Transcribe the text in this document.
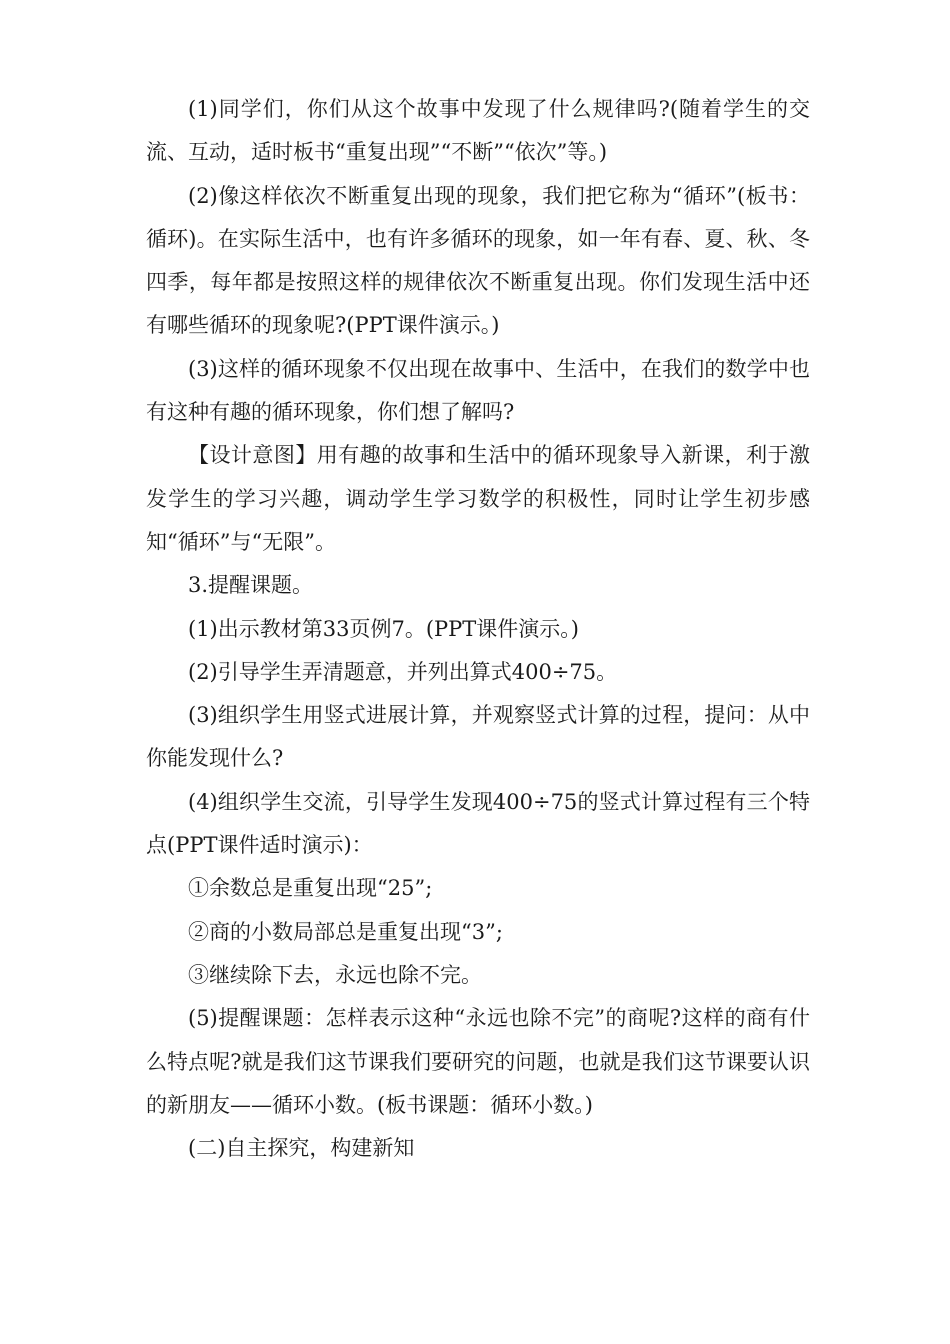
(1)同学们，你们从这个故事中发现了什么规律吗?(随着学生的交流、互动，适时板书“重复出现”“不断”“依次”等。)

(2)像这样依次不断重复出现的现象，我们把它称为“循环”(板书：循环)。在实际生活中，也有许多循环的现象，如一年有春、夏、秋、冬四季，每年都是按照这样的规律依次不断重复出现。你们发现生活中还有哪些循环的现象呢?(PPT课件演示。)

(3)这样的循环现象不仅出现在故事中、生活中，在我们的数学中也有这种有趣的循环现象，你们想了解吗?

【设计意图】用有趣的故事和生活中的循环现象导入新课，利于激发学生的学习兴趣，调动学生学习数学的积极性，同时让学生初步感知“循环”与“无限”。

3.提醒课题。

(1)出示教材第33页例7。(PPT课件演示。)

(2)引导学生弄清题意，并列出算式400÷75。

(3)组织学生用竖式进展计算，并观察竖式计算的过程，提问：从中你能发现什么?

(4)组织学生交流，引导学生发现400÷75的竖式计算过程有三个特点(PPT课件适时演示)：

①余数总是重复出现“25”;

②商的小数局部总是重复出现“3”;

③继续除下去，永远也除不完。

(5)提醒课题：怎样表示这种“永远也除不完”的商呢?这样的商有什么特点呢?就是我们这节课我们要研究的问题，也就是我们这节课要认识的新朋友——循环小数。(板书课题：循环小数。)

(二)自主探究，构建新知
